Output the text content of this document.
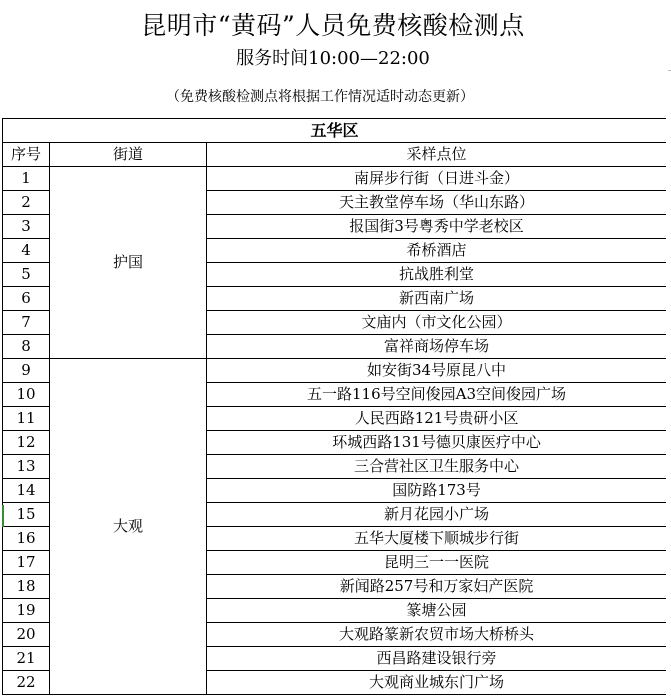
昆明市“黄码”人员免费核酸检测点
服务时间10:00—22:00
（免费核酸检测点将根据工作情况适时动态更新）
五华区		
序号	街道	采样点位
1	护国	南屏步行街（日进斗金）
2		天主教堂停车场（华山东路）
3		报国街3号粤秀中学老校区
4		希桥酒店
5		抗战胜利堂
6		新西南广场
7		文庙内（市文化公园）
8		富祥商场停车场
9	大观	如安街34号原昆八中
10		五一路116号空间俊园A3空间俊园广场
11		人民西路121号贵研小区
12		环城西路131号德贝康医疗中心
13		三合营社区卫生服务中心
14		国防路173号
15		新月花园小广场
16		五华大厦楼下顺城步行街
17		昆明三一一医院
18		新闻路257号和万家妇产医院
19		篆塘公园
20		大观路篆新农贸市场大桥桥头
21		西昌路建设银行旁
22		大观商业城东门广场
